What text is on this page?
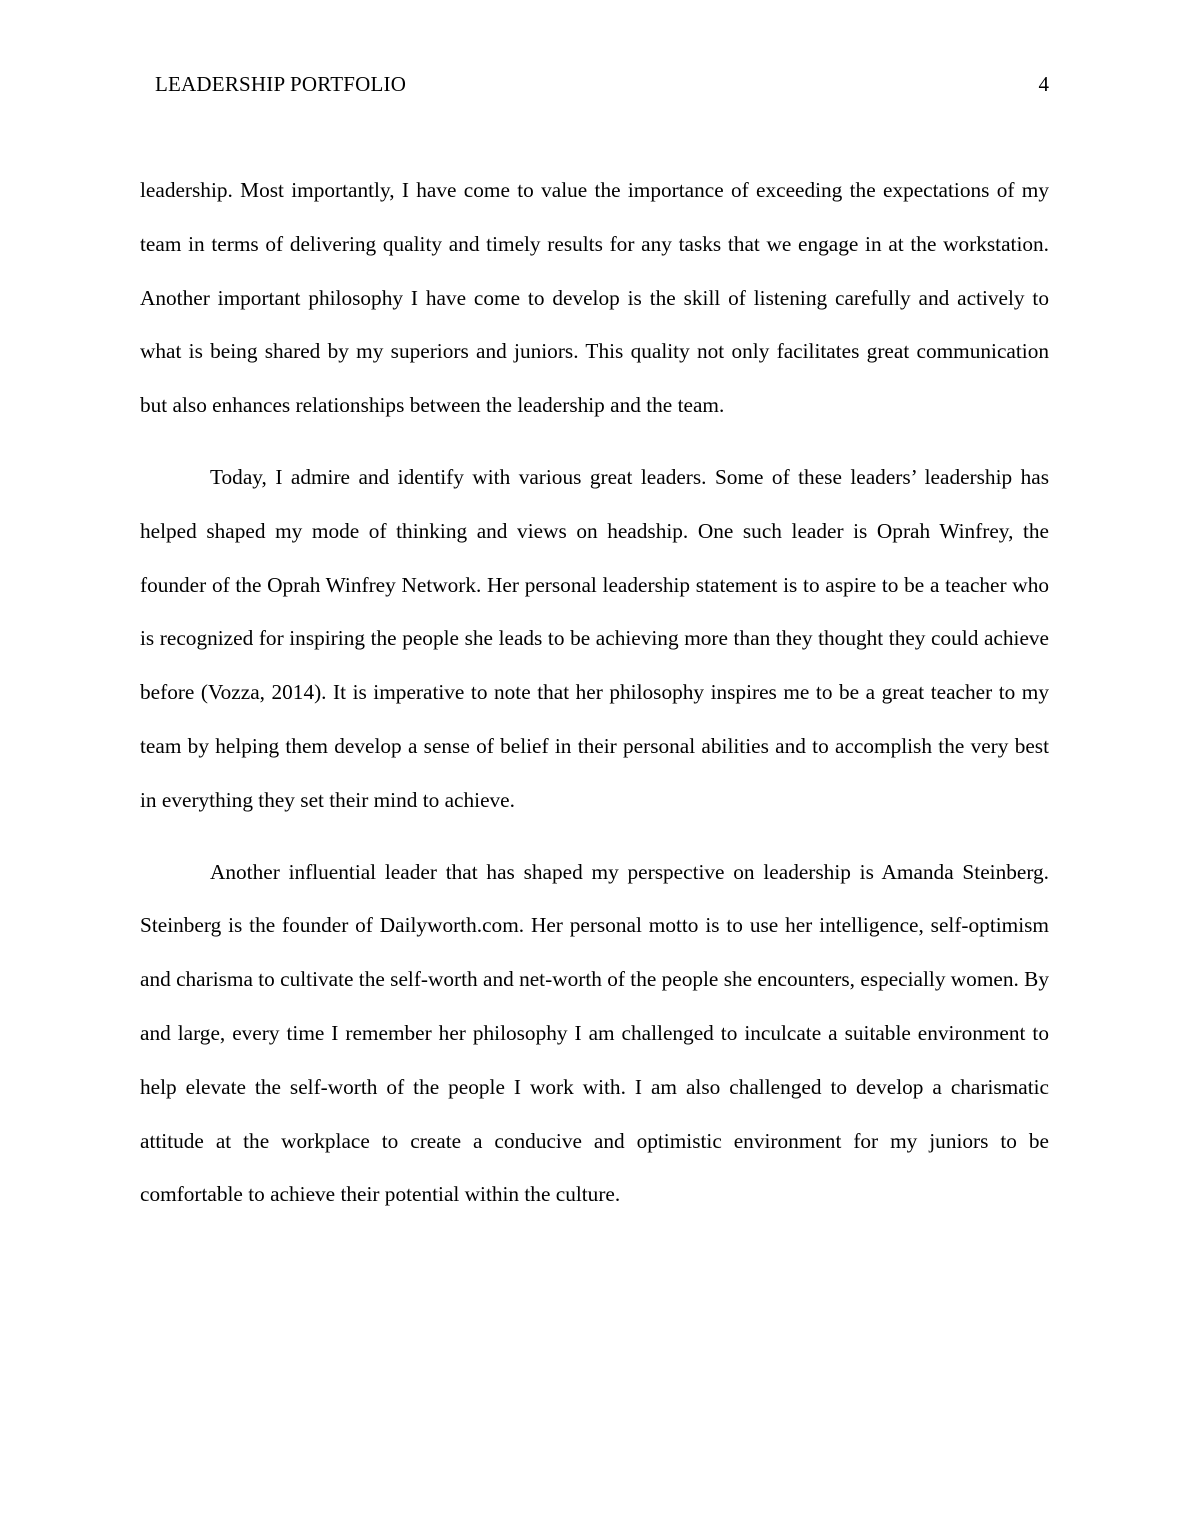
LEADERSHIP PORTFOLIO	4

leadership. Most importantly, I have come to value the importance of exceeding the expectations of my team in terms of delivering quality and timely results for any tasks that we engage in at the workstation. Another important philosophy I have come to develop is the skill of listening carefully and actively to what is being shared by my superiors and juniors. This quality not only facilitates great communication but also enhances relationships between the leadership and the team.

Today, I admire and identify with various great leaders. Some of these leaders’ leadership has helped shaped my mode of thinking and views on headship. One such leader is Oprah Winfrey, the founder of the Oprah Winfrey Network. Her personal leadership statement is to aspire to be a teacher who is recognized for inspiring the people she leads to be achieving more than they thought they could achieve before (Vozza, 2014). It is imperative to note that her philosophy inspires me to be a great teacher to my team by helping them develop a sense of belief in their personal abilities and to accomplish the very best in everything they set their mind to achieve.

Another influential leader that has shaped my perspective on leadership is Amanda Steinberg. Steinberg is the founder of Dailyworth.com. Her personal motto is to use her intelligence, self-optimism and charisma to cultivate the self-worth and net-worth of the people she encounters, especially women. By and large, every time I remember her philosophy I am challenged to inculcate a suitable environment to help elevate the self-worth of the people I work with. I am also challenged to develop a charismatic attitude at the workplace to create a conducive and optimistic environment for my juniors to be comfortable to achieve their potential within the culture.
